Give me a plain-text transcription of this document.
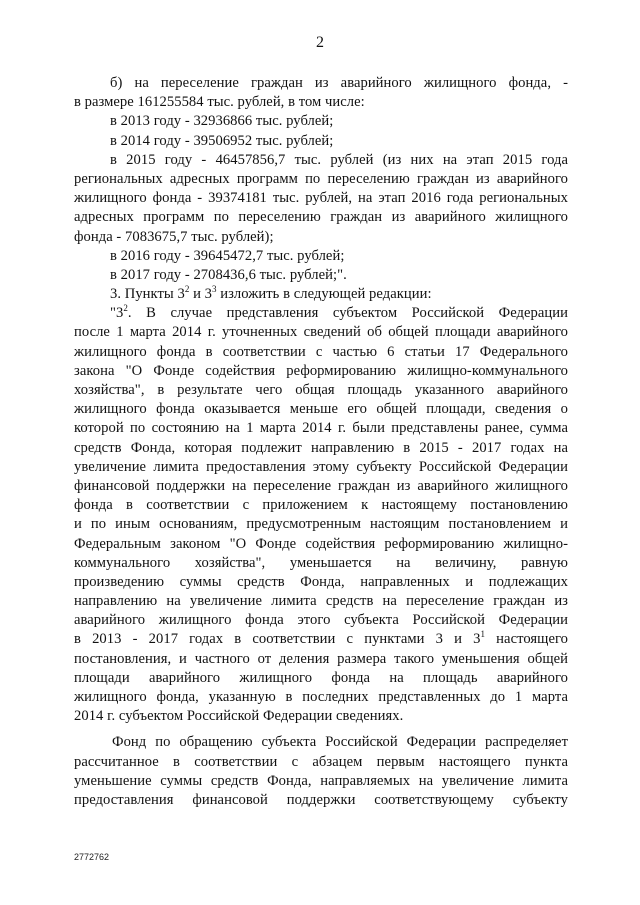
2
б) на переселение граждан из аварийного жилищного фонда, -
в размере 161255584 тыс. рублей, в том числе:
в 2013 году - 32936866 тыс. рублей;
в 2014 году - 39506952 тыс. рублей;
в 2015 году - 46457856,7 тыс. рублей (из них на этап 2015 года
региональных адресных программ по переселению граждан из аварийного
жилищного фонда - 39374181 тыс. рублей, на этап 2016 года региональных
адресных программ по переселению граждан из аварийного жилищного
фонда - 7083675,7 тыс. рублей);
в 2016 году - 39645472,7 тыс. рублей;
в 2017 году - 2708436,6 тыс. рублей;".
3. Пункты $3^2$ и $3^3$ изложить в следующей редакции:
"$3^2$. В случае представления субъектом Российской Федерации
после 1 марта 2014 г. уточненных сведений об общей площади аварийного
жилищного фонда в соответствии с частью 6 статьи 17 Федерального
закона "О Фонде содействия реформированию жилищно-коммунального
хозяйства", в результате чего общая площадь указанного аварийного
жилищного фонда оказывается меньше его общей площади, сведения о
которой по состоянию на 1 марта 2014 г. были представлены ранее, сумма
средств Фонда, которая подлежит направлению в 2015 - 2017 годах на
увеличение лимита предоставления этому субъекту Российской Федерации
финансовой поддержки на переселение граждан из аварийного жилищного
фонда в соответствии с приложением к настоящему постановлению
и по иным основаниям, предусмотренным настоящим постановлением и
Федеральным законом "О Фонде содействия реформированию жилищно-
коммунального хозяйства", уменьшается на величину, равную
произведению суммы средств Фонда, направленных и подлежащих
направлению на увеличение лимита средств на переселение граждан из
аварийного жилищного фонда этого субъекта Российской Федерации
в 2013 - 2017 годах в соответствии с пунктами 3 и $3^1$ настоящего
постановления, и частного от деления размера такого уменьшения общей
площади аварийного жилищного фонда на площадь аварийного
жилищного фонда, указанную в последних представленных до 1 марта
2014 г. субъектом Российской Федерации сведениях.
Фонд по обращению субъекта Российской Федерации распределяет
рассчитанное в соответствии с абзацем первым настоящего пункта
уменьшение суммы средств Фонда, направляемых на увеличение лимита
предоставления финансовой поддержки соответствующему субъекту
2772762
